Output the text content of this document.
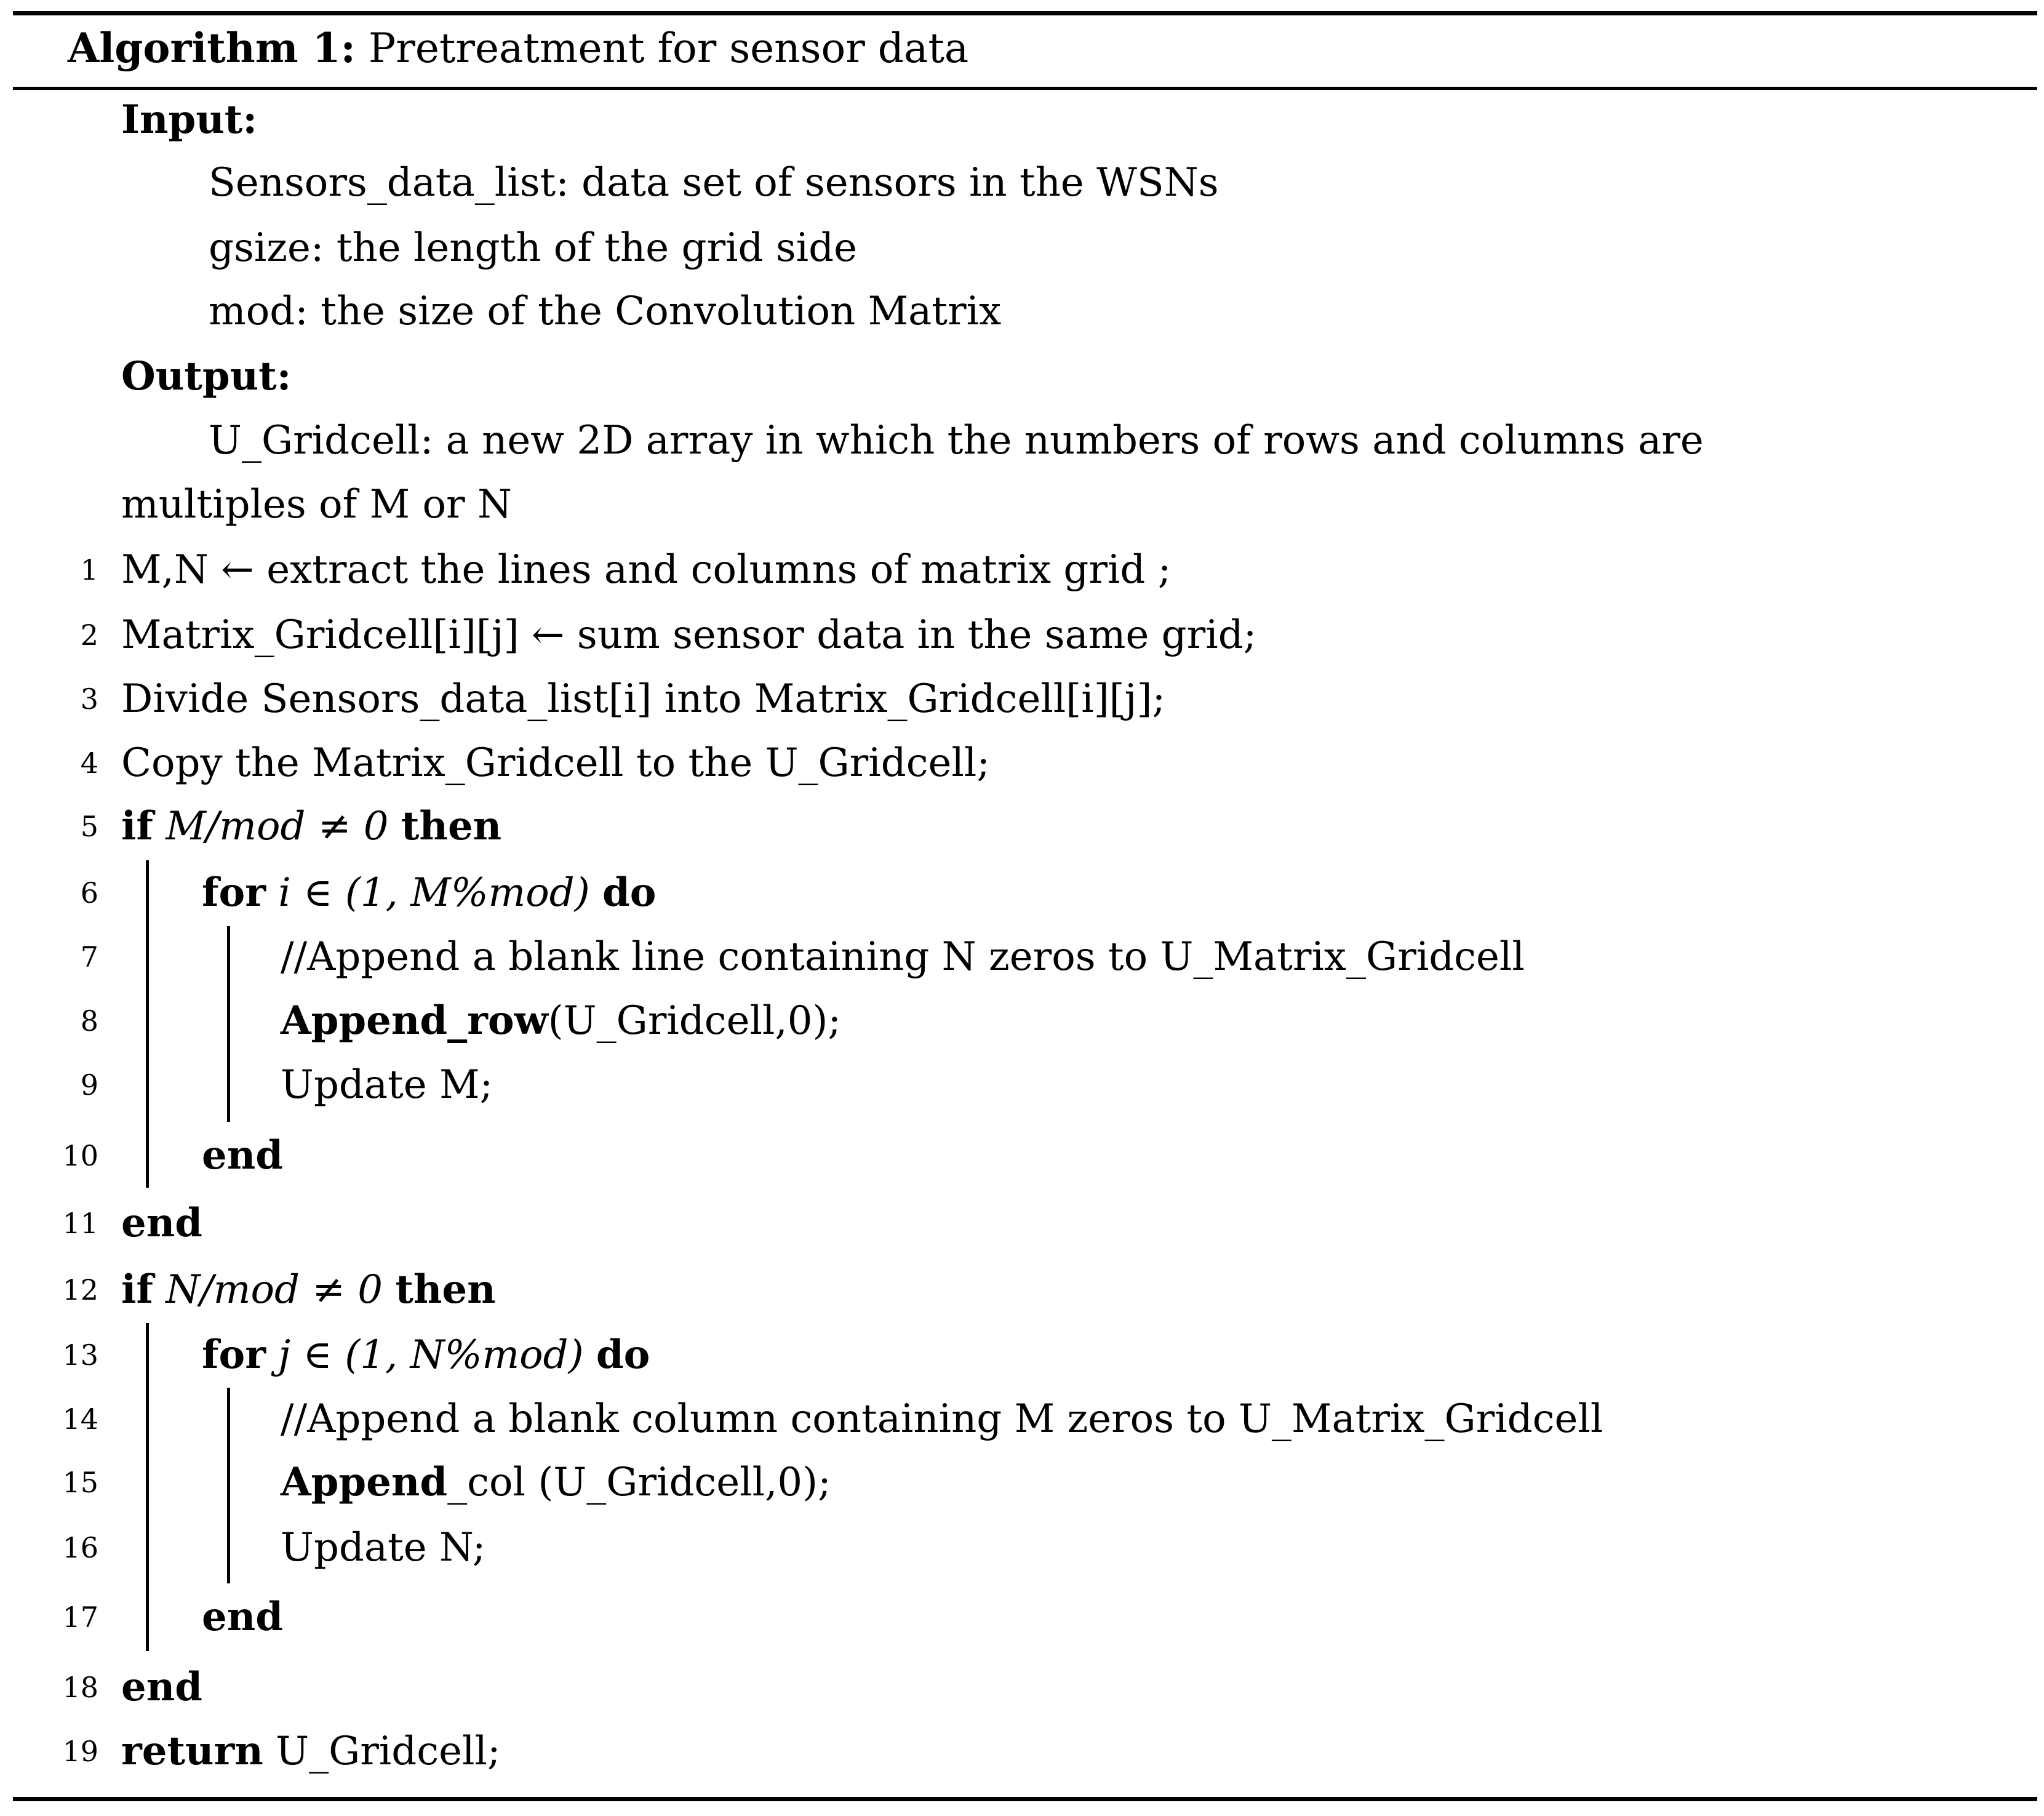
Algorithm 1: Pretreatment for sensor data
Input:
Sensors_data_list: data set of sensors in the WSNs
gsize: the length of the grid side
mod: the size of the Convolution Matrix
Output:
U_Gridcell: a new 2D array in which the numbers of rows and columns are
multiples of M or N
1
2
3
4
5
6
7
8
9
10
11
12
13
14
15
16
17
18
19
M,N ← extract the lines and columns of matrix grid ;
Matrix_Gridcell[i][j] ← sum sensor data in the same grid;
Divide Sensors_data_list[i] into Matrix_Gridcell[i][j];
Copy the Matrix_Gridcell to the U_Gridcell;
if M/mod ≠ 0 then
for i ∈ (1, M%mod) do
//Append a blank line containing N zeros to U_Matrix_Gridcell
Append_row(U_Gridcell,0);
Update M;
end
end
if N/mod ≠ 0 then
for j ∈ (1, N%mod) do
//Append a blank column containing M zeros to U_Matrix_Gridcell
Append_col (U_Gridcell,0);
Update N;
end
end
return U_Gridcell;
